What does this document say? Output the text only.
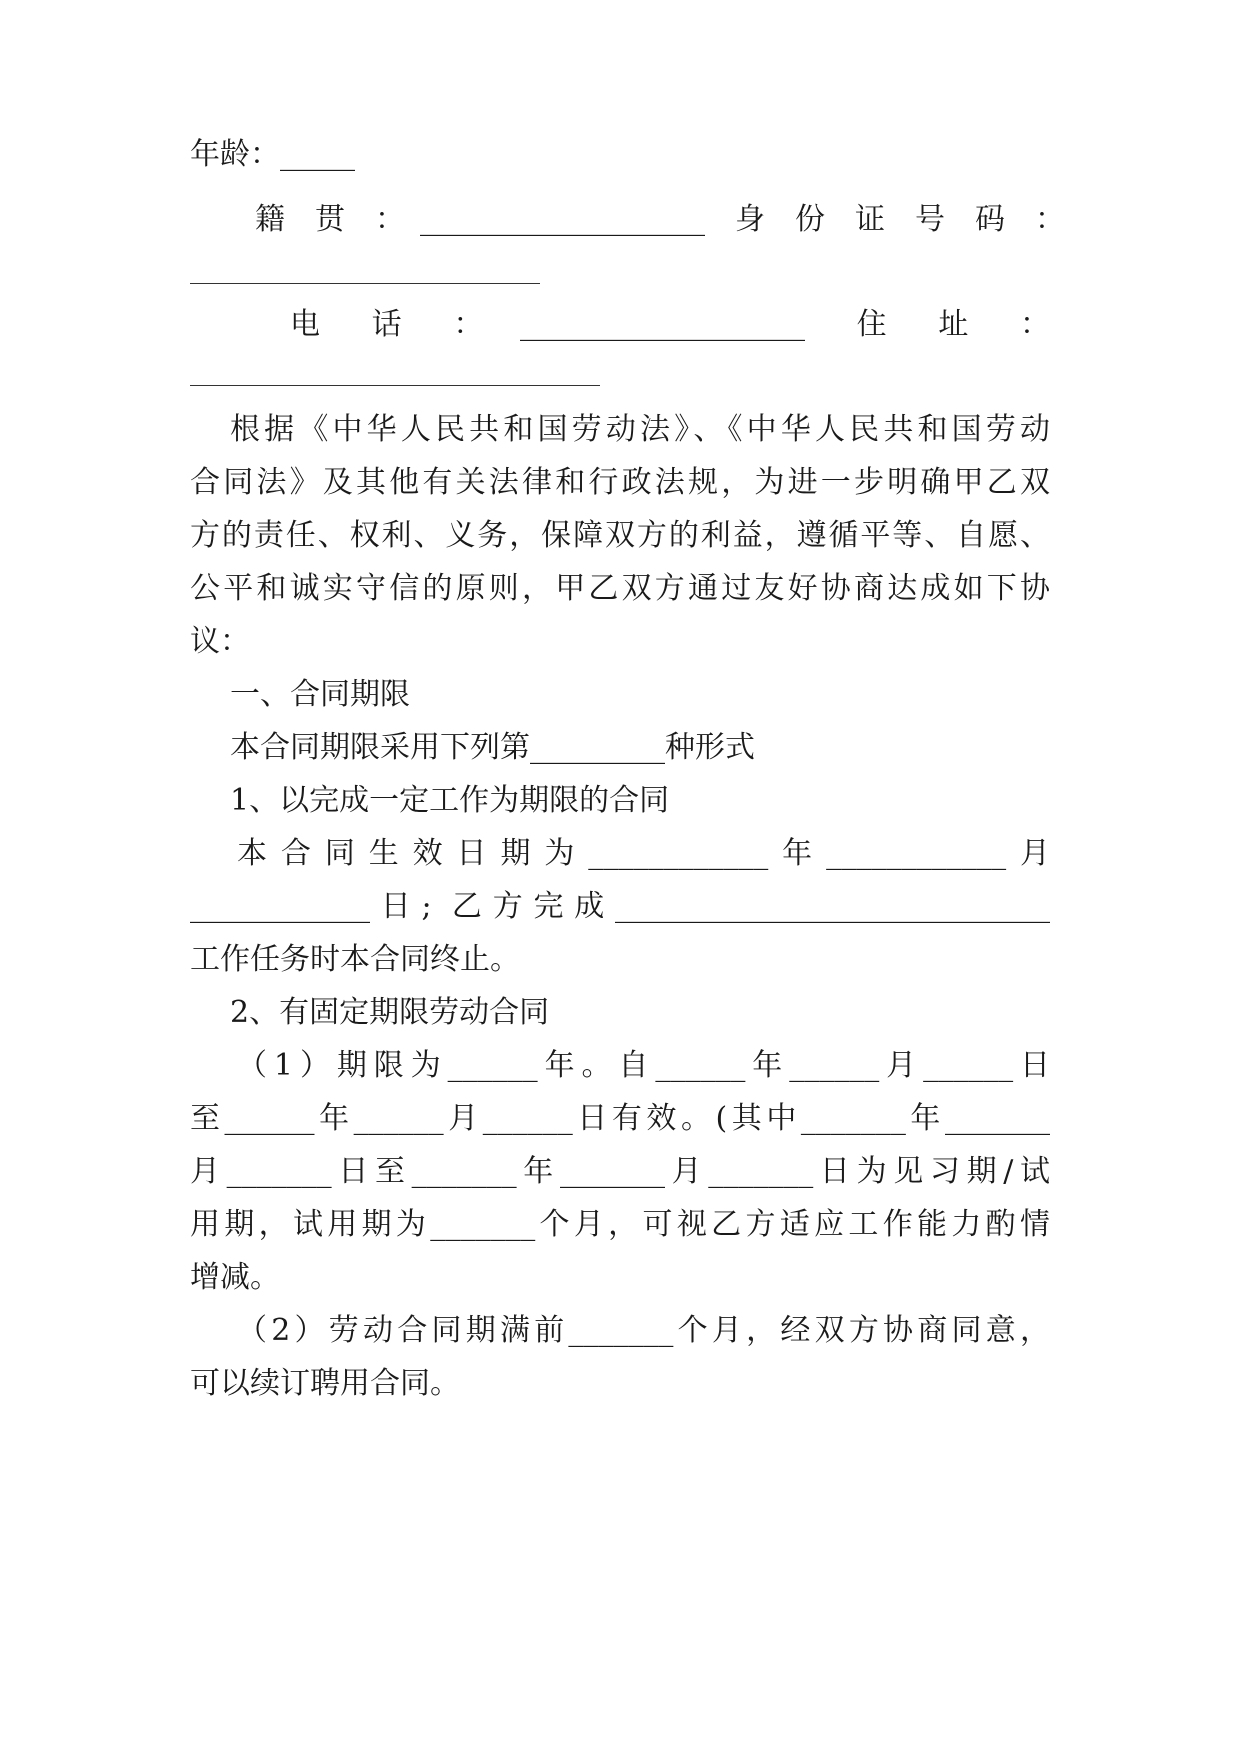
年龄：_____
籍　贯　：　___________________　身　份　证　号　码　：
电　话　：　___________________　住　址　：
根据《中华人民共和国劳动法》、《中华人民共和国劳动
合同法》及其他有关法律和行政法规，为进一步明确甲乙双
方的责任、权利、义务，保障双方的利益，遵循平等、自愿、
公平和诚实守信的原则，甲乙双方通过友好协商达成如下协
议：
一、合同期限
本合同期限采用下列第_________种形式
1、以完成一定工作为期限的合同
本合同生效日期为____________年____________月
____________日; 乙方完成_____________________________
工作任务时本合同终止。
2、有固定期限劳动合同
（1）期限为______年。自______年______月______日
至______年______月______日有效。(其中_______年_______
月_______日至_______年_______月_______日为见习期/试
用期，试用期为_______个月，可视乙方适应工作能力酌情
增减。
（2）劳动合同期满前_______个月，经双方协商同意，
可以续订聘用合同。
